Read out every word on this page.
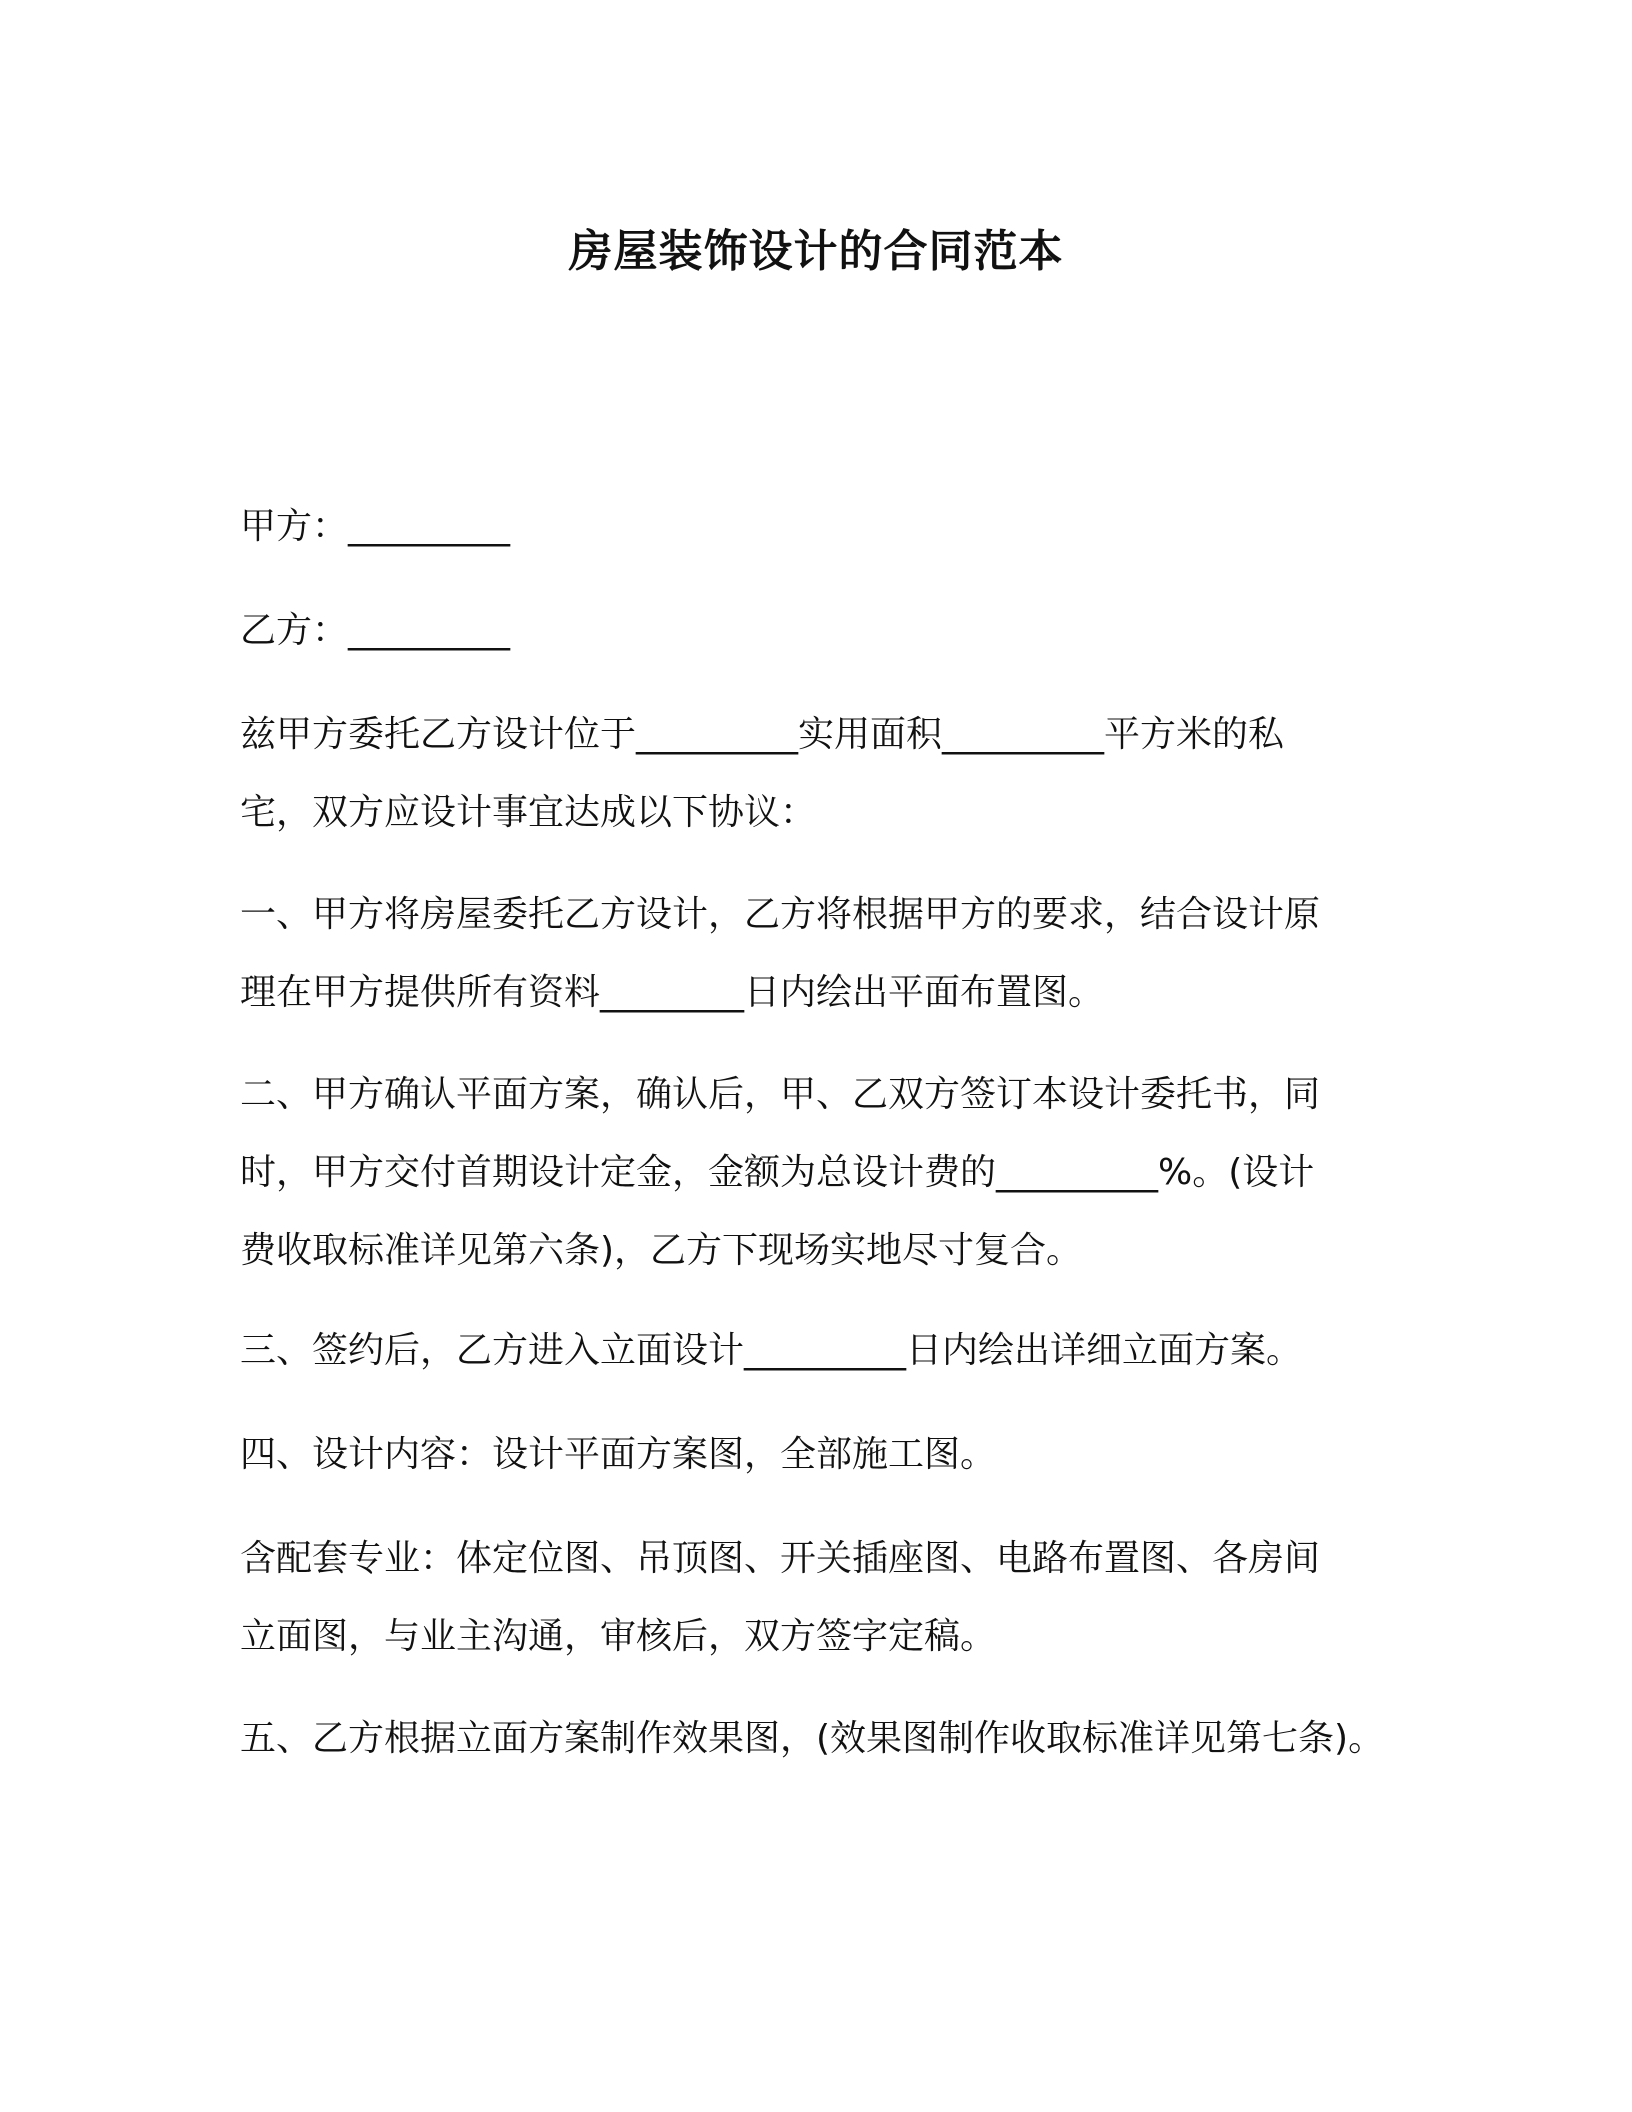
房屋装饰设计的合同范本
甲方：_________
乙方：_________
兹甲方委托乙方设计位于_________实用面积_________平方米的私
宅，双方应设计事宜达成以下协议：
一、甲方将房屋委托乙方设计，乙方将根据甲方的要求，结合设计原
理在甲方提供所有资料________日内绘出平面布置图。
二、甲方确认平面方案，确认后，甲、乙双方签订本设计委托书，同
时，甲方交付首期设计定金，金额为总设计费的_________%。(设计
费收取标准详见第六条)，乙方下现场实地尽寸复合。
三、签约后，乙方进入立面设计_________日内绘出详细立面方案。
四、设计内容：设计平面方案图，全部施工图。
含配套专业：体定位图、吊顶图、开关插座图、电路布置图、各房间
立面图，与业主沟通，审核后，双方签字定稿。
五、乙方根据立面方案制作效果图，(效果图制作收取标准详见第七条)。
